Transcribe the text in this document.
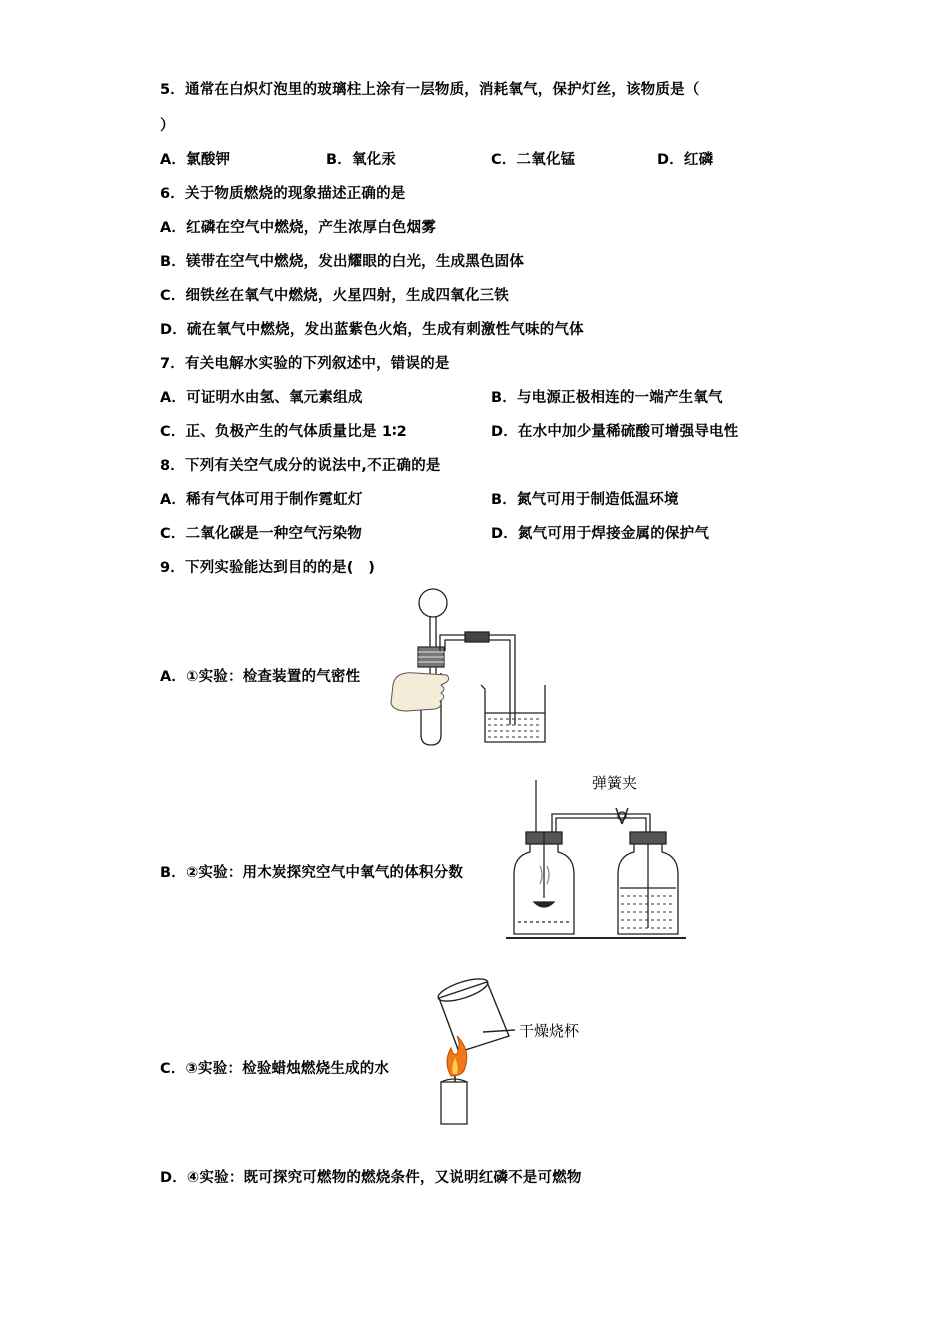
5．通常在白炽灯泡里的玻璃柱上涂有一层物质，消耗氧气，保护灯丝，该物质是（
）
A．氯酸钾	B．氧化汞	C．二氧化锰	D．红磷
6．关于物质燃烧的现象描述正确的是
A．红磷在空气中燃烧，产生浓厚白色烟雾
B．镁带在空气中燃烧，发出耀眼的白光，生成黑色固体
C．细铁丝在氧气中燃烧，火星四射，生成四氧化三铁
D．硫在氧气中燃烧，发出蓝紫色火焰，生成有刺激性气味的气体
7．有关电解水实验的下列叙述中，错误的是
A．可证明水由氢、氧元素组成	B．与电源正极相连的一端产生氧气
C．正、负极产生的气体质量比是 1∶2	D．在水中加少量稀硫酸可增强导电性
8．下列有关空气成分的说法中,不正确的是
A．稀有气体可用于制作霓虹灯	B．氮气可用于制造低温环境
C．二氧化碳是一种空气污染物	D．氮气可用于焊接金属的保护气
9．下列实验能达到目的的是(　)
A．①实验：检查装置的气密性
B．②实验：用木炭探究空气中氧气的体积分数
C．③实验：检验蜡烛燃烧生成的水
D．④实验：既可探究可燃物的燃烧条件，又说明红磷不是可燃物
弹簧夹
干燥烧杯
